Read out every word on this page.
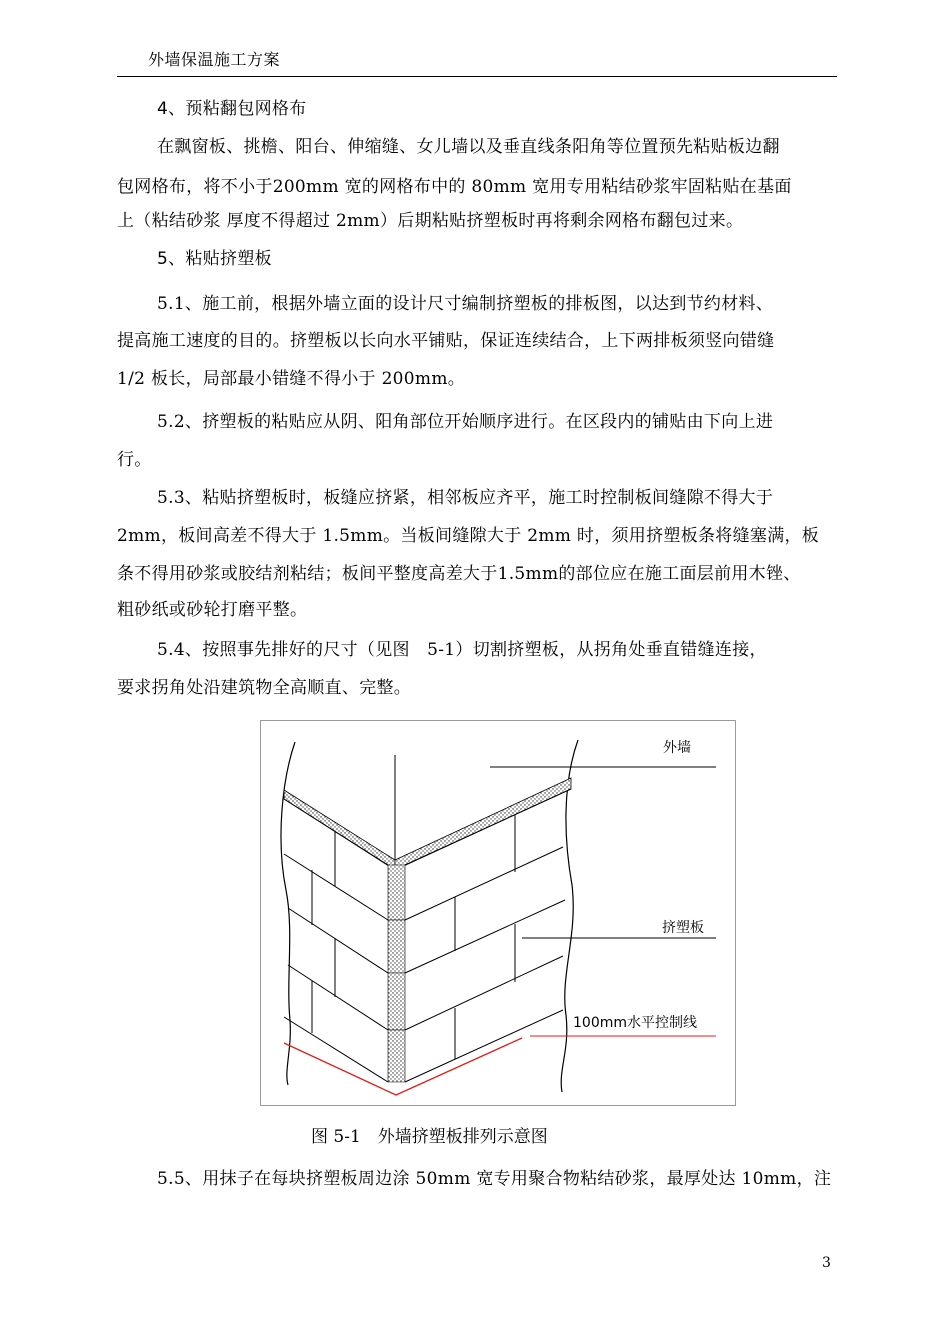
外墙保温施工方案
4、预粘翻包网格布
在飘窗板、挑檐、阳台、伸缩缝、女儿墙以及垂直线条阳角等位置预先粘贴板边翻
包网格布，将不小于200mm 宽的网格布中的 80mm 宽用专用粘结砂浆牢固粘贴在基面
上（粘结砂浆 厚度不得超过 2mm）后期粘贴挤塑板时再将剩余网格布翻包过来。
5、粘贴挤塑板
5.1、施工前，根据外墙立面的设计尺寸编制挤塑板的排板图，以达到节约材料、
提高施工速度的目的。挤塑板以长向水平铺贴，保证连续结合，上下两排板须竖向错缝
1/2 板长，局部最小错缝不得小于 200mm。
5.2、挤塑板的粘贴应从阴、阳角部位开始顺序进行。在区段内的铺贴由下向上进
行。
5.3、粘贴挤塑板时，板缝应挤紧，相邻板应齐平，施工时控制板间缝隙不得大于
2mm，板间高差不得大于 1.5mm。当板间缝隙大于 2mm 时，须用挤塑板条将缝塞满，板
条不得用砂浆或胶结剂粘结；板间平整度高差大于1.5mm的部位应在施工面层前用木锉、
粗砂纸或砂轮打磨平整。
5.4、按照事先排好的尺寸（见图　5-1）切割挤塑板，从拐角处垂直错缝连接，
要求拐角处沿建筑物全高顺直、完整。
外墙
挤塑板
100mm水平控制线
图 5-1　外墙挤塑板排列示意图
5.5、用抹子在每块挤塑板周边涂 50mm 宽专用聚合物粘结砂浆，最厚处达 10mm，注
3
